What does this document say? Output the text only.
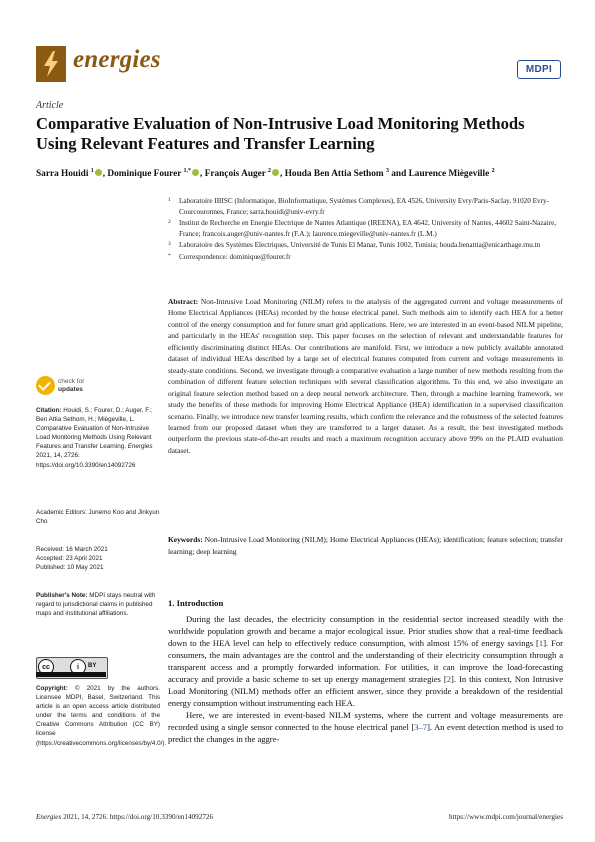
energies	MDPI
Article
Comparative Evaluation of Non-Intrusive Load Monitoring Methods Using Relevant Features and Transfer Learning
Sarra Houidi $^1$ , Dominique Fourer $^{1,*}$ , François Auger $^2$ , Houda Ben Attia Sethom $^3$ and Laurence Miègeville $^2$
1 Laboratoire IBISC (Informatique, BioInformatique, Systèmes Complexes), EA 4526, University Evry/Paris-Saclay, 91020 Evry-Courcouronnes, France; sarra.houidi@univ-evry.fr
2 Institut de Recherche en Energie Electrique de Nantes Atlantique (IREENA), EA 4642, University of Nantes, 44602 Saint-Nazaire, France; francois.auger@univ-nantes.fr (F.A.); laurence.miegeville@univ-nantes.fr (L.M.)
3 Laboratoire des Systèmes Electriques, Université de Tunis El Manar, Tunis 1002, Tunisia; houda.benattia@enicarthage.rnu.tn
* Correspondence: dominique@fourer.fr
Abstract: Non-Intrusive Load Monitoring (NILM) refers to the analysis of the aggregated current and voltage measurements of Home Electrical Appliances (HEAs) recorded by the house electrical panel. Such methods aim to identify each HEA for a better control of the energy consumption and for future smart grid applications. Here, we are interested in an event-based NILM pipeline, and particularly in the HEAs' recognition step. This paper focuses on the selection of relevant and understandable features for efficiently discriminating distinct HEAs. Our contributions are manifold. First, we introduce a new publicly available annotated dataset of individual HEAs described by a large set of electrical features computed from current and voltage measurements in steady-state conditions. Second, we investigate through a comparative evaluation a large number of new methods resulting from the combination of different feature selection techniques with several classification algorithms. To this end, we also investigate an original feature selection method based on a deep neural network architecture. Then, through a machine learning framework, we study the benefits of these methods for improving Home Electrical Appliance (HEA) identification in a supervised classification scenario. Finally, we introduce new transfer learning results, which confirm the relevance and the robustness of the selected features learned from our proposed dataset when they are transferred to a larger dataset. As a result, the best investigated methods outperform the previous state-of-the-art results and reach a maximum recognition accuracy above 99% on the PLAID evaluation dataset.
Keywords: Non-Intrusive Load Monitoring (NILM); Home Electrical Appliances (HEAs); identification; feature selection; transfer learning; deep learning
check for
updates
Citation: Houidi, S.; Fourer, D.; Auger, F.; Ben Attia Sethom, H.; Miègeville, L. Comparative Evaluation of Non-Intrusive Load Monitoring Methods Using Relevant Features and Transfer Learning. Energies 2021, 14, 2726. https://doi.org/10.3390/en14092726
Academic Editors: Junemo Koo and Jinkyun Cho
Received: 16 March 2021
Accepted: 23 April 2021
Published: 10 May 2021
Publisher's Note: MDPI stays neutral with regard to jurisdictional claims in published maps and institutional affiliations.
cc	i	BY
Copyright: © 2021 by the authors. Licensee MDPI, Basel, Switzerland. This article is an open access article distributed under the terms and conditions of the Creative Commons Attribution (CC BY) license (https://creativecommons.org/licenses/by/4.0/).
1. Introduction

During the last decades, the electricity consumption in the residential sector increased steadily with the worldwide population growth and became a major ecological issue. Prior studies show that a real-time feedback down to the HEA level can help to effectively reduce consumption, with almost 15% of energy savings [1]. For consumers, the main advantages are the control and the understanding of their electricity consumption through a transparent access and a promptly forwarded information. For utilities, it can improve the load-forecasting accuracy and provide a basic scheme to set up energy management strategies [2]. In this context, Non Intrusive Load Monitoring (NILM) methods offer an efficient answer, since they provide a breakdown of the residential energy consumption without instrumenting each HEA.

Here, we are interested in event-based NILM systems, where the current and voltage measurements are recorded using a single sensor connected to the house electrical panel [3–7]. An event detection method is used to predict the changes in the aggre-

Energies 2021, 14, 2726. https://doi.org/10.3390/en14092726	https://www.mdpi.com/journal/energies
